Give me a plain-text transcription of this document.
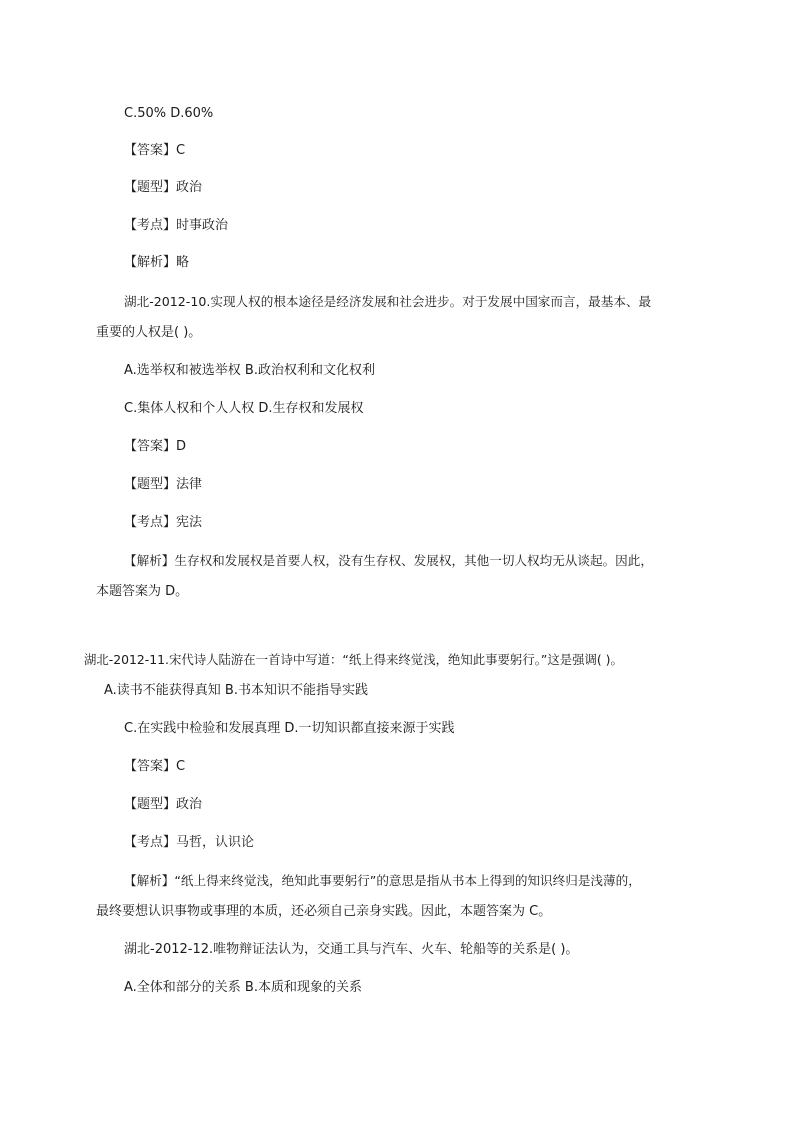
C.50% D.60%
【答案】C
【题型】政治
【考点】时事政治
【解析】略
湖北-2012-10.实现人权的根本途径是经济发展和社会进步。对于发展中国家而言，最基本、最
重要的人权是( )。
A.选举权和被选举权 B.政治权利和文化权利
C.集体人权和个人人权 D.生存权和发展权
【答案】D
【题型】法律
【考点】宪法
【解析】生存权和发展权是首要人权，没有生存权、发展权，其他一切人权均无从谈起。因此，
本题答案为 D。
湖北-2012-11.宋代诗人陆游在一首诗中写道：“纸上得来终觉浅，绝知此事要躬行。”这是强调( )。
A.读书不能获得真知 B.书本知识不能指导实践
C.在实践中检验和发展真理 D.一切知识都直接来源于实践
【答案】C
【题型】政治
【考点】马哲，认识论
【解析】“纸上得来终觉浅，绝知此事要躬行”的意思是指从书本上得到的知识终归是浅薄的，
最终要想认识事物或事理的本质，还必须自己亲身实践。因此，本题答案为 C。
湖北-2012-12.唯物辩证法认为，交通工具与汽车、火车、轮船等的关系是( )。
A.全体和部分的关系 B.本质和现象的关系
